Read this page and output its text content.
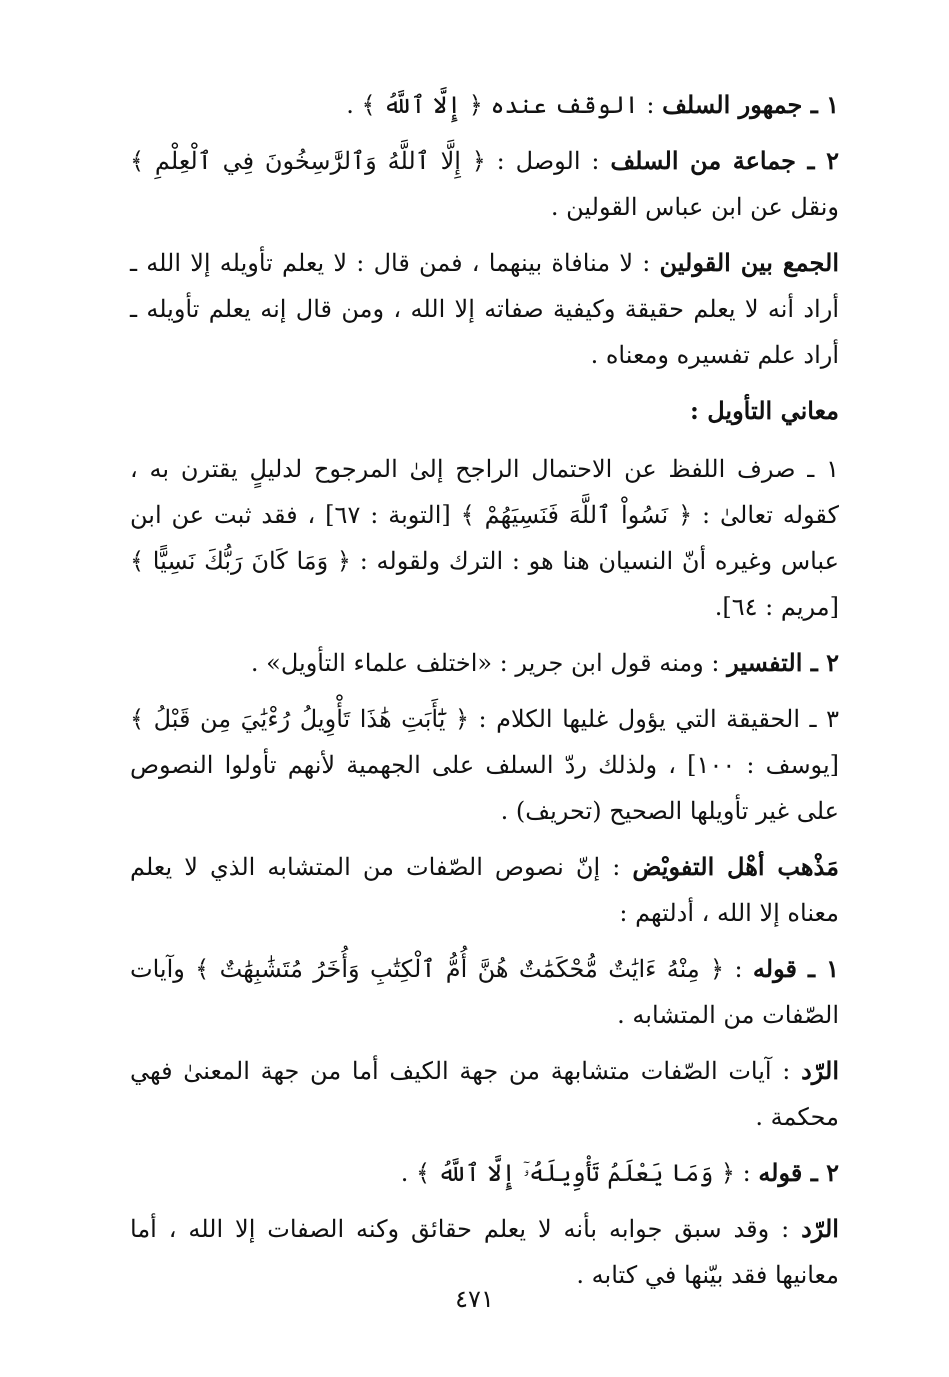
١ ـ جمهور السلف : الوقف عنده ﴿ إِلَّا ٱللَّهُ ﴾ .

٢ ـ جماعة من السلف : الوصل : ﴿ إِلَّا ٱللَّهُ وَٱلرَّٰسِخُونَ فِي ٱلْعِلْمِ ﴾ ونقل عن ابن عباس القولين .

الجمع بين القولين : لا منافاة بينهما ، فمن قال : لا يعلم تأويله إلا الله ـ أراد أنه لا يعلم حقيقة وكيفية صفاته إلا الله ، ومن قال إنه يعلم تأويله ـ أراد علم تفسيره ومعناه .

معاني التأويل :

١ ـ صرف اللفظ عن الاحتمال الراجح إلىٰ المرجوح لدليلٍ يقترن به ، كقوله تعالىٰ : ﴿ نَسُواْ ٱللَّهَ فَنَسِيَهُمْ ﴾ [التوبة : ٦٧] ، فقد ثبت عن ابن عباس وغيره أنّ النسيان هنا هو : الترك ولقوله : ﴿ وَمَا كَانَ رَبُّكَ نَسِيًّا ﴾ [مريم : ٦٤].

٢ ـ التفسير : ومنه قول ابن جرير : «اختلف علماء التأويل» .

٣ ـ الحقيقة التي يؤول غليها الكلام : ﴿ يَٰٓأَبَتِ هَٰذَا تَأْوِيلُ رُءْيَٰيَ مِن قَبْلُ ﴾ [يوسف : ١٠٠] ، ولذلك ردّ السلف على الجهمية لأنهم تأولوا النصوص على غير تأويلها الصحيح (تحريف) .

مَذْهب أهْل التفويْض : إنّ نصوص الصّفات من المتشابه الذي لا يعلم معناه إلا الله ، أدلتهم :

١ ـ قوله : ﴿ مِنْهُ ءَايَٰتٌ مُّحْكَمَٰتٌ هُنَّ أُمُّ ٱلْكِتَٰبِ وَأُخَرُ مُتَشَٰبِهَٰتٌ ﴾ وآيات الصّفات من المتشابه .

الرّد : آيات الصّفات متشابهة من جهة الكيف أما من جهة المعنىٰ فهي محكمة .

٢ ـ قوله : ﴿ وَمَا يَعْلَمُ تَأْوِيلَهُۥٓ إِلَّا ٱللَّهُ ﴾ .

الرّد : وقد سبق جوابه بأنه لا يعلم حقائق وكنه الصفات إلا الله ، أما معانيها فقد بيّنها في كتابه .

٤٧١
